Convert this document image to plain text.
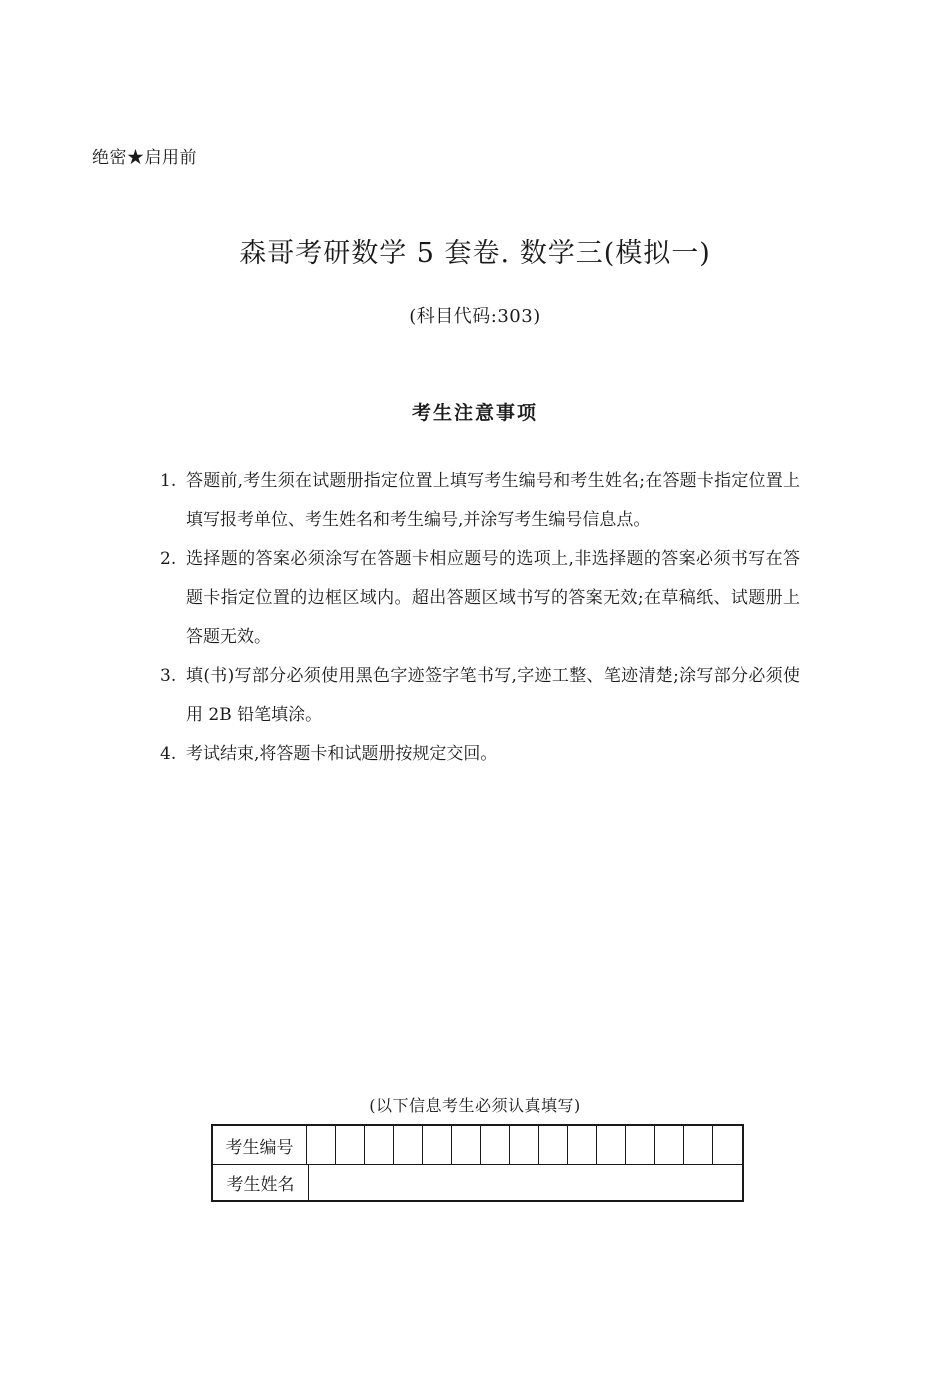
绝密★启用前
森哥考研数学 5 套卷. 数学三(模拟一)
(科目代码:303)
考生注意事项
1. 答题前,考生须在试题册指定位置上填写考生编号和考生姓名;在答题卡指定位置上填写报考单位、考生姓名和考生编号,并涂写考生编号信息点。
2. 选择题的答案必须涂写在答题卡相应题号的选项上,非选择题的答案必须书写在答题卡指定位置的边框区域内。超出答题区域书写的答案无效;在草稿纸、试题册上答题无效。
3. 填(书)写部分必须使用黑色字迹签字笔书写,字迹工整、笔迹清楚;涂写部分必须使用 2B 铅笔填涂。
4. 考试结束,将答题卡和试题册按规定交回。
(以下信息考生必须认真填写)
考生编号
考生姓名
